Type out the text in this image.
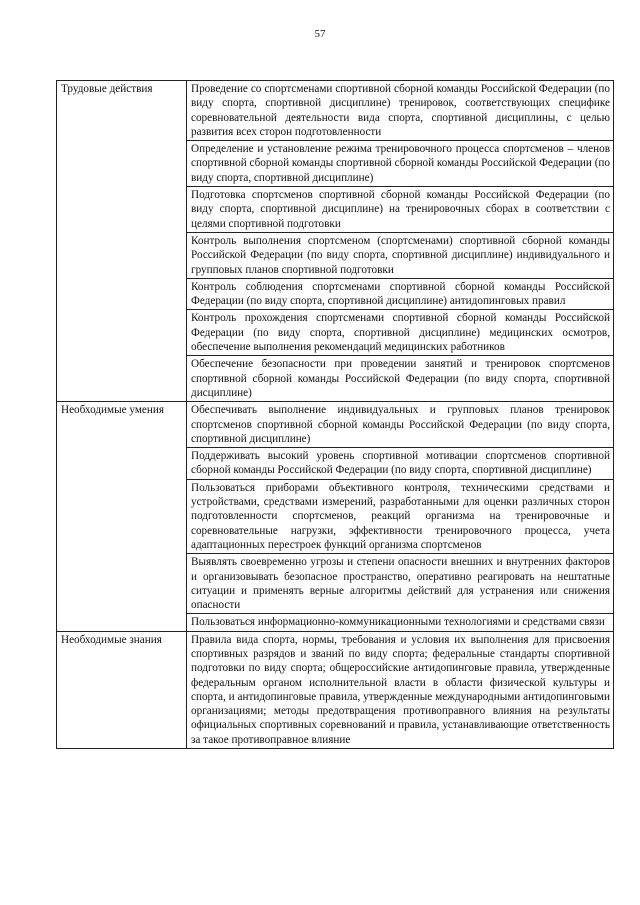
57
Трудовые действия	Проведение со спортсменами спортивной сборной команды Российской Федерации (по виду спорта, спортивной дисциплине) тренировок, соответствующих специфике соревновательной деятельности вида спорта, спортивной дисциплины, с целью развития всех сторон подготовленности
	Определение и установление режима тренировочного процесса спортсменов – членов спортивной сборной команды спортивной сборной команды Российской Федерации (по виду спорта, спортивной дисциплине)
	Подготовка спортсменов спортивной сборной команды Российской Федерации (по виду спорта, спортивной дисциплине) на тренировочных сборах в соответствии с целями спортивной подготовки
	Контроль выполнения спортсменом (спортсменами) спортивной сборной команды Российской Федерации (по виду спорта, спортивной дисциплине) индивидуального и групповых планов спортивной подготовки
	Контроль соблюдения спортсменами спортивной сборной команды Российской Федерации (по виду спорта, спортивной дисциплине) антидопинговых правил
	Контроль прохождения спортсменами спортивной сборной команды Российской Федерации (по виду спорта, спортивной дисциплине) медицинских осмотров, обеспечение выполнения рекомендаций медицинских работников
	Обеспечение безопасности при проведении занятий и тренировок спортсменов спортивной сборной команды Российской Федерации (по виду спорта, спортивной дисциплине)
Необходимые умения	Обеспечивать выполнение индивидуальных и групповых планов тренировок спортсменов спортивной сборной команды Российской Федерации (по виду спорта, спортивной дисциплине)
	Поддерживать высокий уровень спортивной мотивации спортсменов спортивной сборной команды Российской Федерации (по виду спорта, спортивной дисциплине)
	Пользоваться приборами объективного контроля, техническими средствами и устройствами, средствами измерений, разработанными для оценки различных сторон подготовленности спортсменов, реакций организма на тренировочные и соревновательные нагрузки, эффективности тренировочного процесса, учета адаптационных перестроек функций организма спортсменов
	Выявлять своевременно угрозы и степени опасности внешних и внутренних факторов и организовывать безопасное пространство, оперативно реагировать на нештатные ситуации и применять верные алгоритмы действий для устранения или снижения опасности
	Пользоваться информационно-коммуникационными технологиями и средствами связи
Необходимые знания	Правила вида спорта, нормы, требования и условия их выполнения для присвоения спортивных разрядов и званий по виду спорта; федеральные стандарты спортивной подготовки по виду спорта; общероссийские антидопинговые правила, утвержденные федеральным органом исполнительной власти в области физической культуры и спорта, и антидопинговые правила, утвержденные международными антидопинговыми организациями; методы предотвращения противоправного влияния на результаты официальных спортивных соревнований и правила, устанавливающие ответственность за такое противоправное влияние
